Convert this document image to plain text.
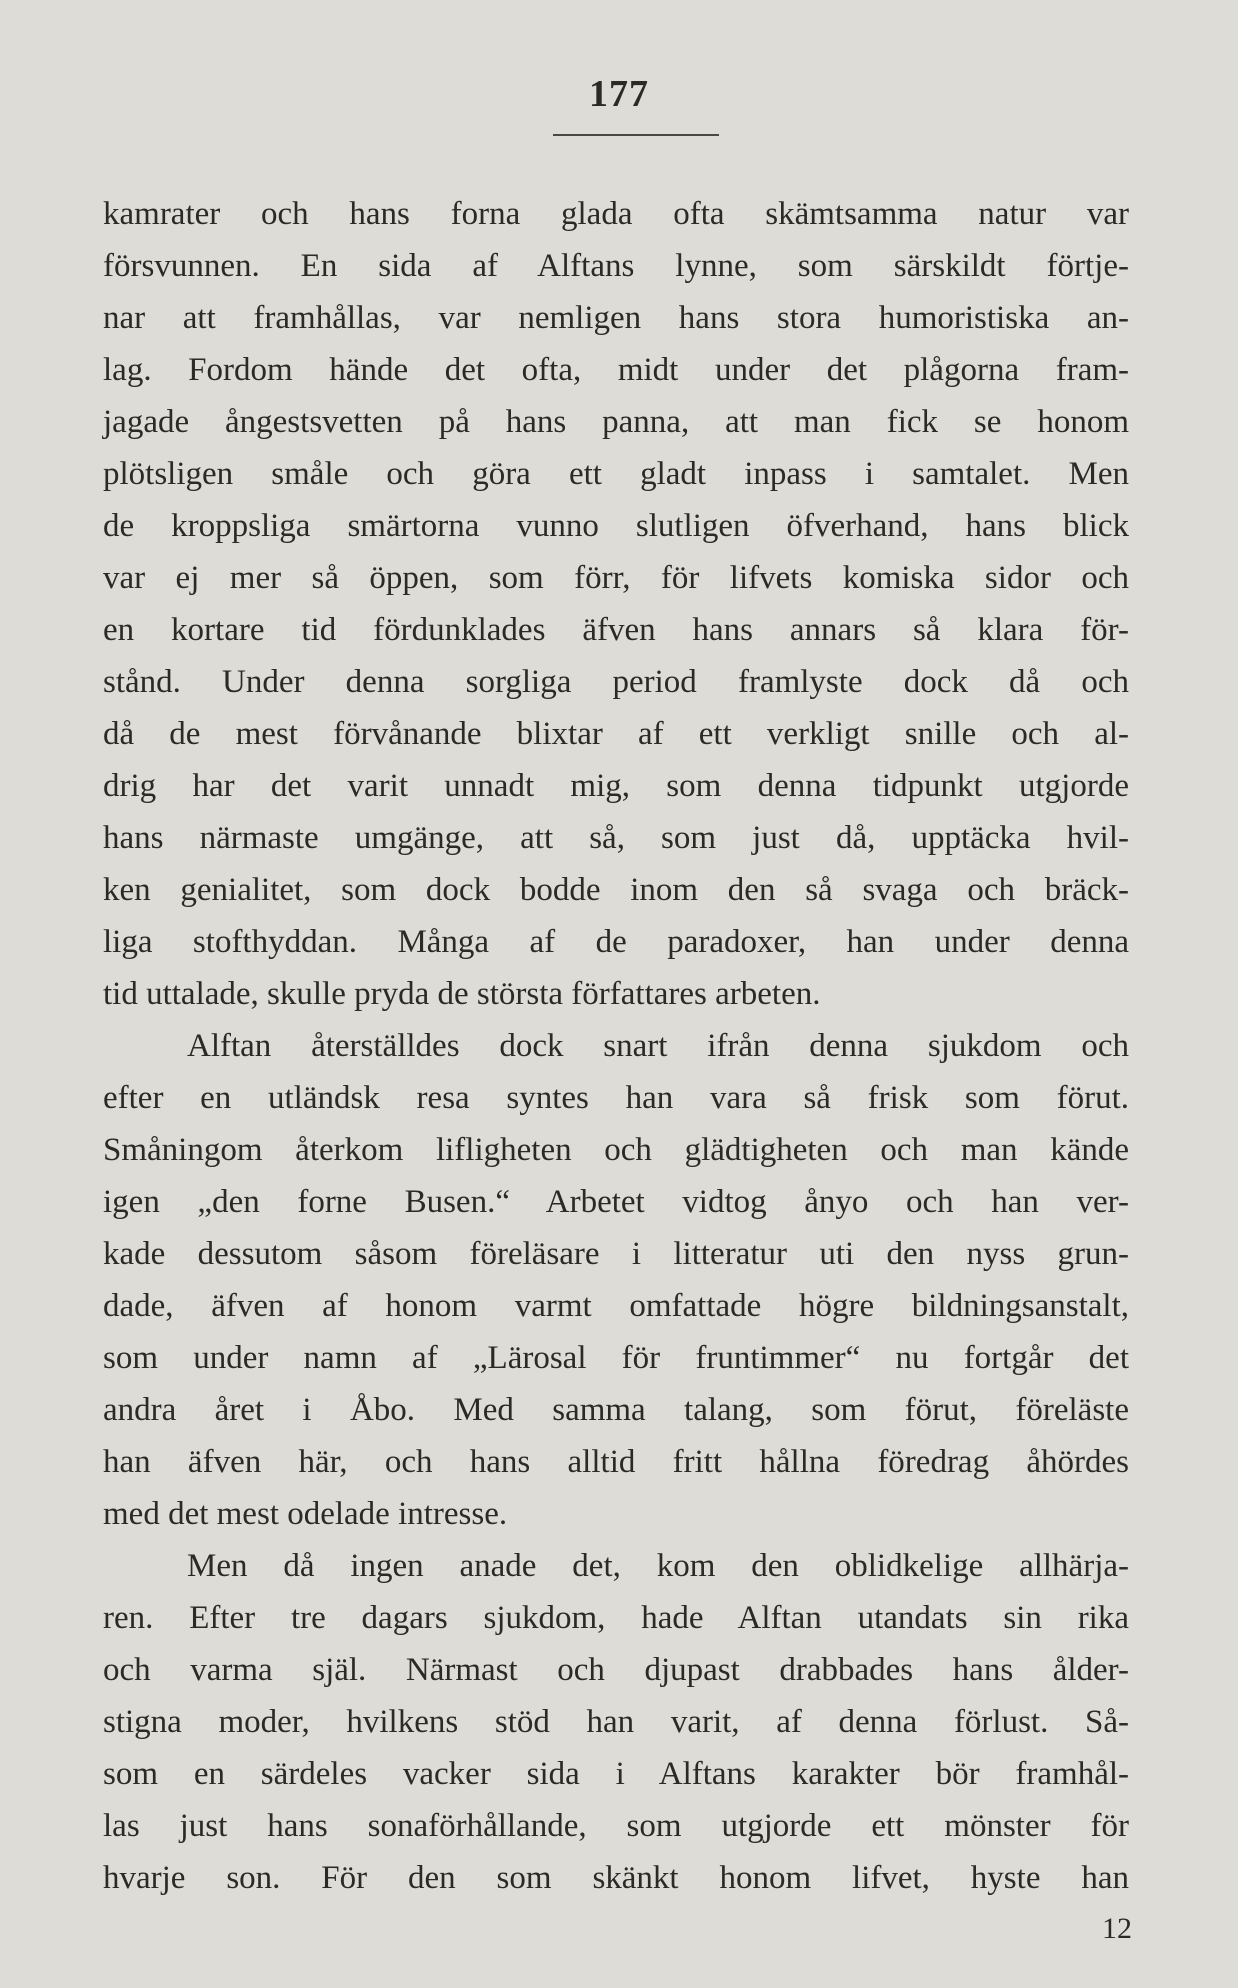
177
kamrater och hans forna glada ofta skämtsamma natur var
försvunnen. En sida af Alftans lynne, som särskildt förtje-
nar att framhållas, var nemligen hans stora humoristiska an-
lag. Fordom hände det ofta, midt under det plågorna fram-
jagade ångestsvetten på hans panna, att man fick se honom
plötsligen småle och göra ett gladt inpass i samtalet. Men
de kroppsliga smärtorna vunno slutligen öfverhand, hans blick
var ej mer så öppen, som förr, för lifvets komiska sidor och
en kortare tid fördunklades äfven hans annars så klara för-
stånd. Under denna sorgliga period framlyste dock då och
då de mest förvånande blixtar af ett verkligt snille och al-
drig har det varit unnadt mig, som denna tidpunkt utgjorde
hans närmaste umgänge, att så, som just då, upptäcka hvil-
ken genialitet, som dock bodde inom den så svaga och bräck-
liga stofthyddan. Många af de paradoxer, han under denna
tid uttalade, skulle pryda de största författares arbeten.
Alftan återställdes dock snart ifrån denna sjukdom och
efter en utländsk resa syntes han vara så frisk som förut.
Småningom återkom lifligheten och glädtigheten och man kände
igen „den forne Busen.“ Arbetet vidtog ånyo och han ver-
kade dessutom såsom föreläsare i litteratur uti den nyss grun-
dade, äfven af honom varmt omfattade högre bildningsanstalt,
som under namn af „Lärosal för fruntimmer“ nu fortgår det
andra året i Åbo. Med samma talang, som förut, föreläste
han äfven här, och hans alltid fritt hållna föredrag åhördes
med det mest odelade intresse.
Men då ingen anade det, kom den oblidkelige allhärja-
ren. Efter tre dagars sjukdom, hade Alftan utandats sin rika
och varma själ. Närmast och djupast drabbades hans ålder-
stigna moder, hvilkens stöd han varit, af denna förlust. Så-
som en särdeles vacker sida i Alftans karakter bör framhål-
las just hans sonaförhållande, som utgjorde ett mönster för
hvarje son. För den som skänkt honom lifvet, hyste han
12
